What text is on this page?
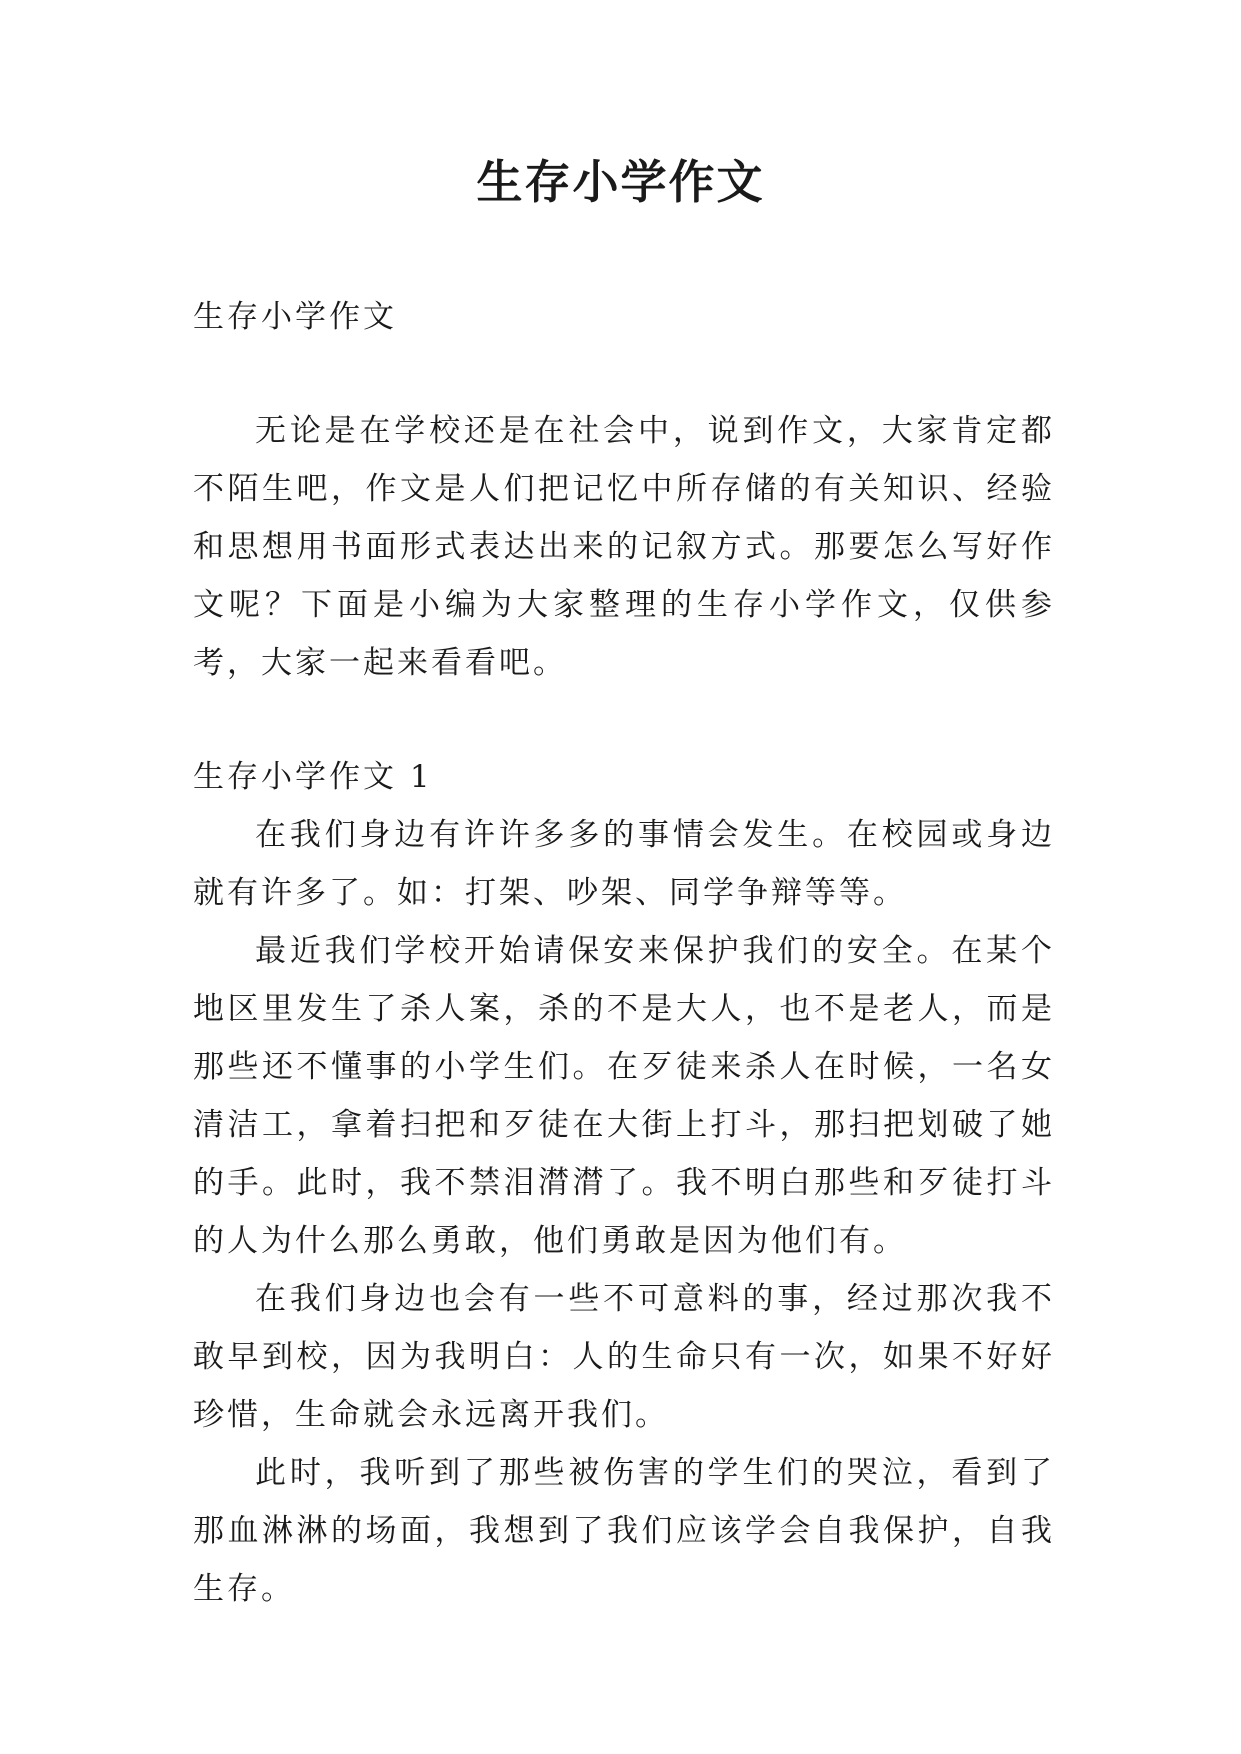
生存小学作文

生存小学作文

无论是在学校还是在社会中，说到作文，大家肯定都不陌生吧，作文是人们把记忆中所存储的有关知识、经验和思想用书面形式表达出来的记叙方式。那要怎么写好作文呢？下面是小编为大家整理的生存小学作文，仅供参考，大家一起来看看吧。

生存小学作文 1

在我们身边有许许多多的事情会发生。在校园或身边就有许多了。如：打架、吵架、同学争辩等等。

最近我们学校开始请保安来保护我们的安全。在某个地区里发生了杀人案，杀的不是大人，也不是老人，而是那些还不懂事的小学生们。在歹徒来杀人在时候，一名女清洁工，拿着扫把和歹徒在大街上打斗，那扫把划破了她的手。此时，我不禁泪潸潸了。我不明白那些和歹徒打斗的人为什么那么勇敢，他们勇敢是因为他们有。

在我们身边也会有一些不可意料的事，经过那次我不敢早到校，因为我明白：人的生命只有一次，如果不好好珍惜，生命就会永远离开我们。

此时，我听到了那些被伤害的学生们的哭泣，看到了那血淋淋的场面，我想到了我们应该学会自我保护，自我生存。
